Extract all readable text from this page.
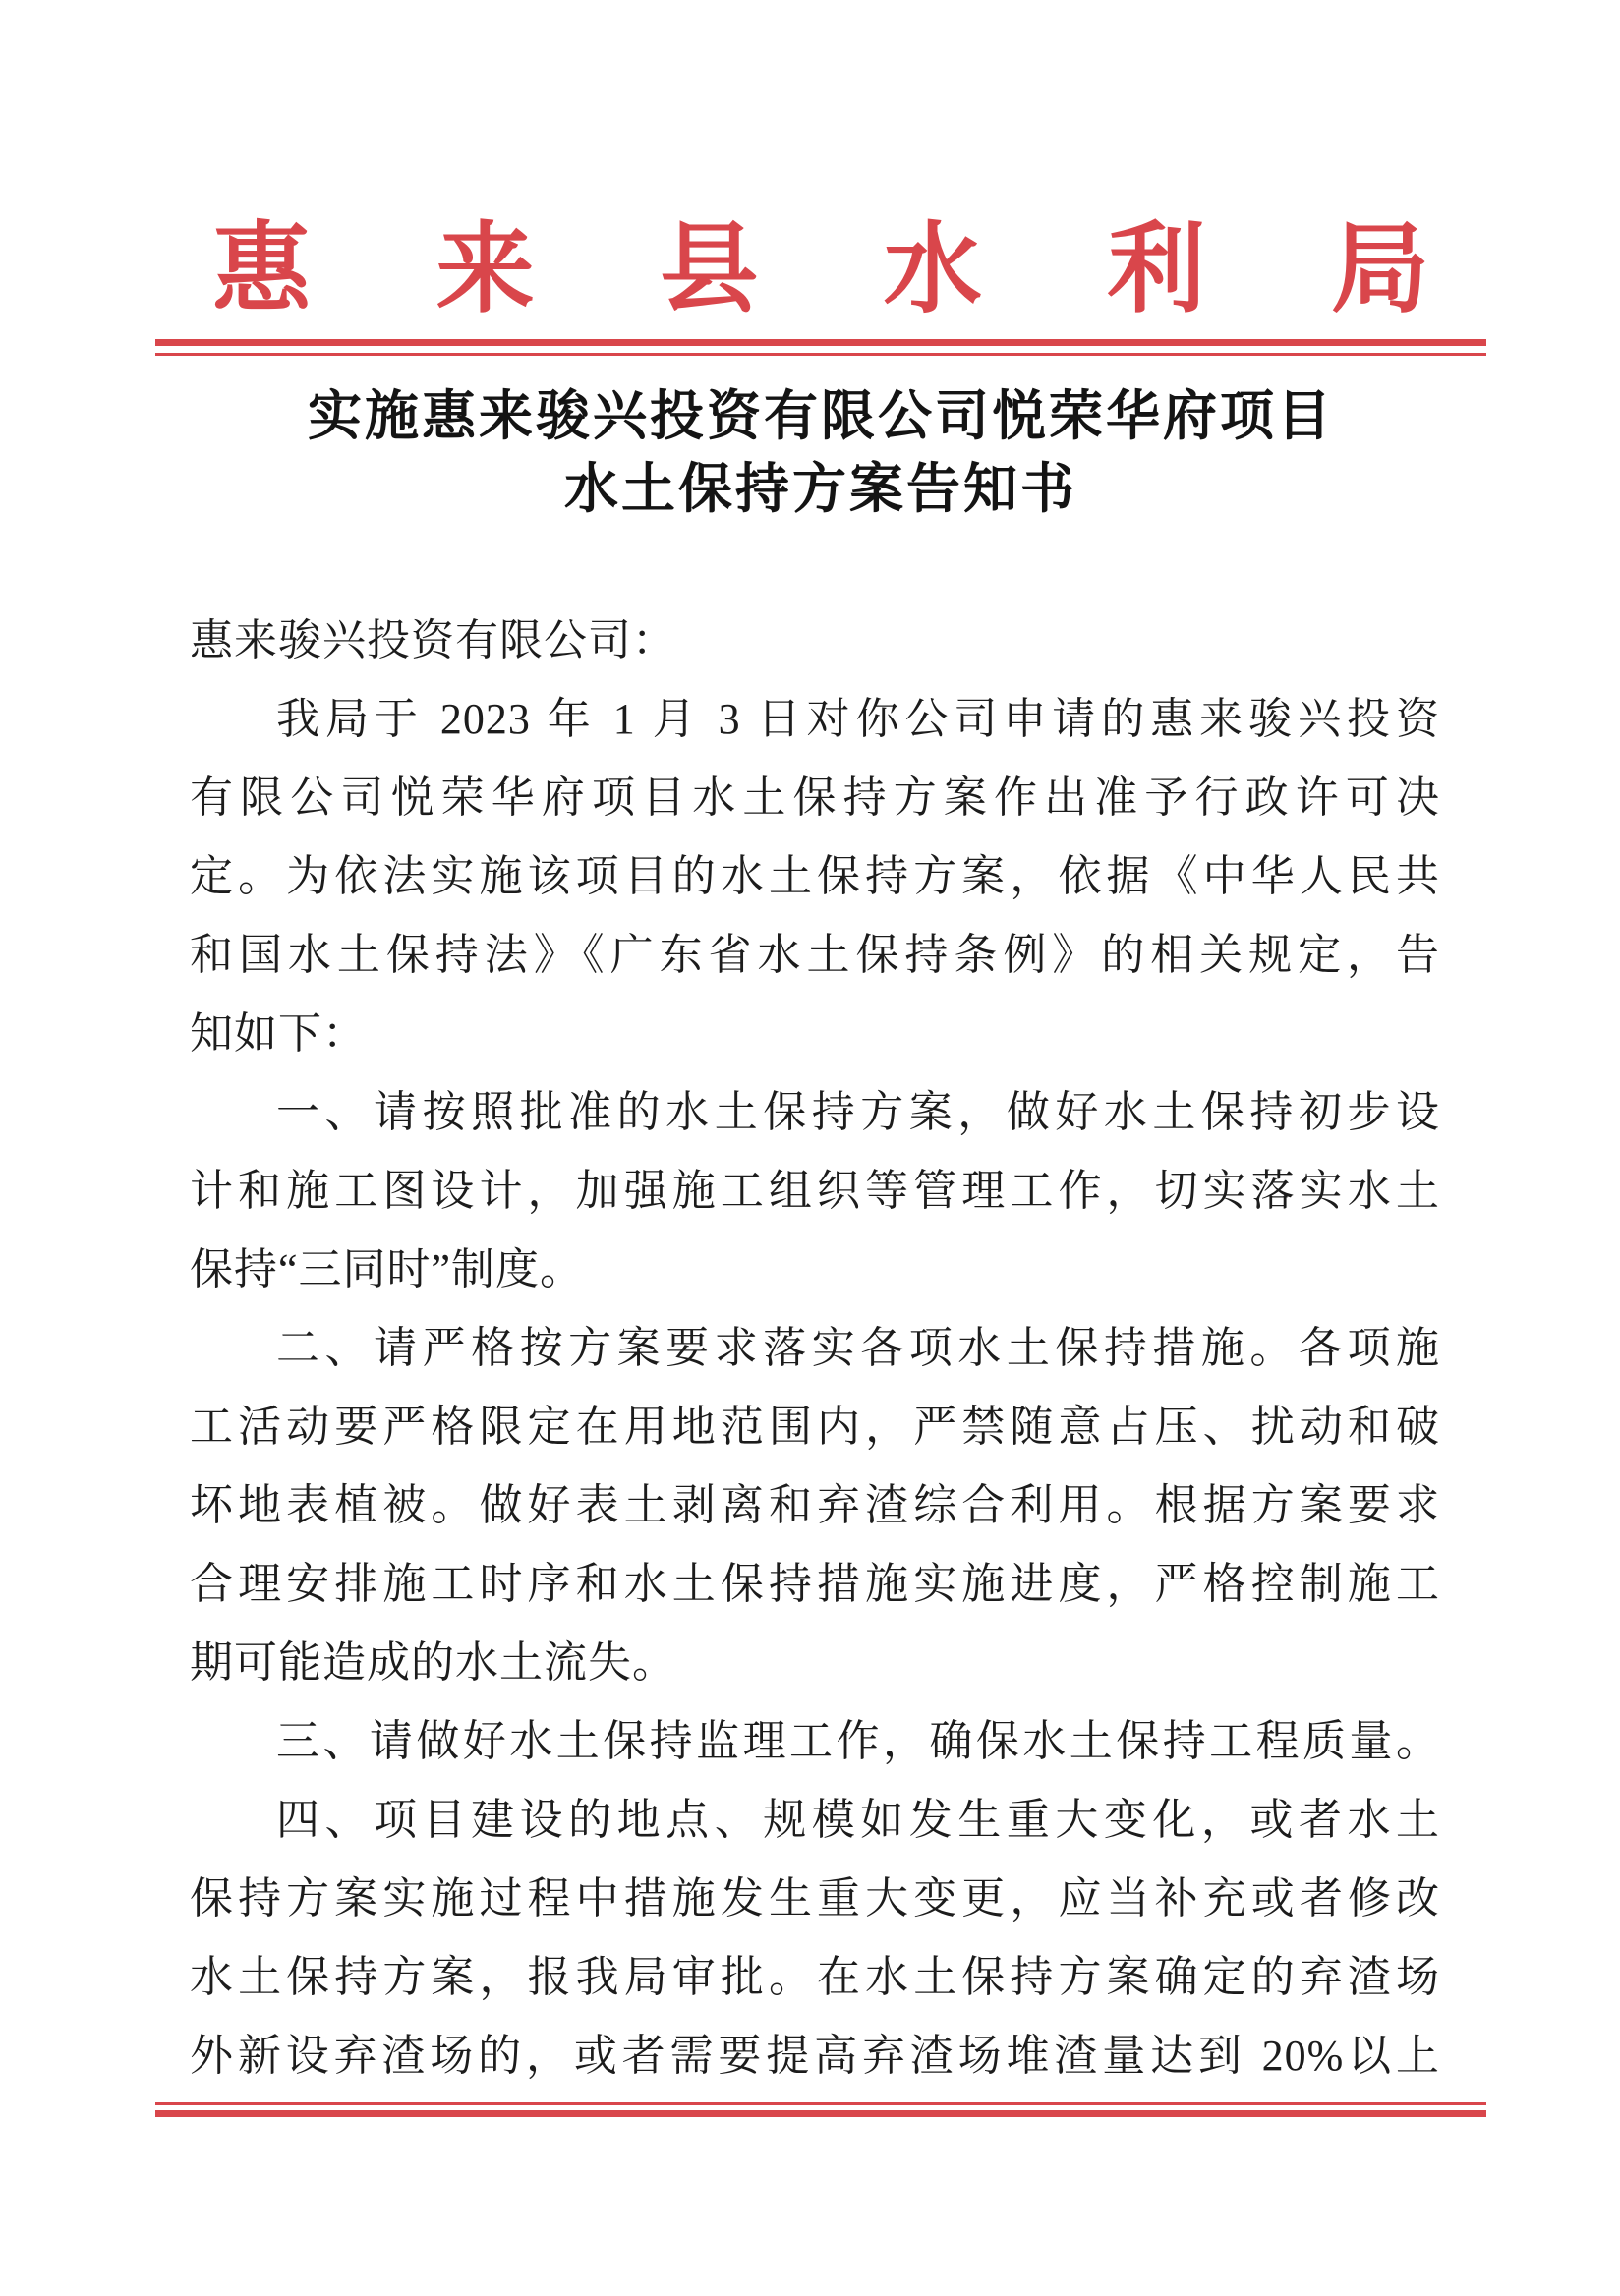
惠 来 县 水 利 局
实施惠来骏兴投资有限公司悦荣华府项目
水土保持方案告知书
惠来骏兴投资有限公司：
我局于 2023 年 1 月 3 日对你公司申请的惠来骏兴投资
有限公司悦荣华府项目水土保持方案作出准予行政许可决
定。为依法实施该项目的水土保持方案，依据《中华人民共
和国水土保持法》《广东省水土保持条例》的相关规定，告
知如下：
一、请按照批准的水土保持方案，做好水土保持初步设
计和施工图设计，加强施工组织等管理工作，切实落实水土
保持“三同时”制度。
二、请严格按方案要求落实各项水土保持措施。各项施
工活动要严格限定在用地范围内，严禁随意占压、扰动和破
坏地表植被。做好表土剥离和弃渣综合利用。根据方案要求
合理安排施工时序和水土保持措施实施进度，严格控制施工
期可能造成的水土流失。
三、请做好水土保持监理工作，确保水土保持工程质量。
四、项目建设的地点、规模如发生重大变化，或者水土
保持方案实施过程中措施发生重大变更，应当补充或者修改
水土保持方案，报我局审批。在水土保持方案确定的弃渣场
外新设弃渣场的，或者需要提高弃渣场堆渣量达到 20%以上
